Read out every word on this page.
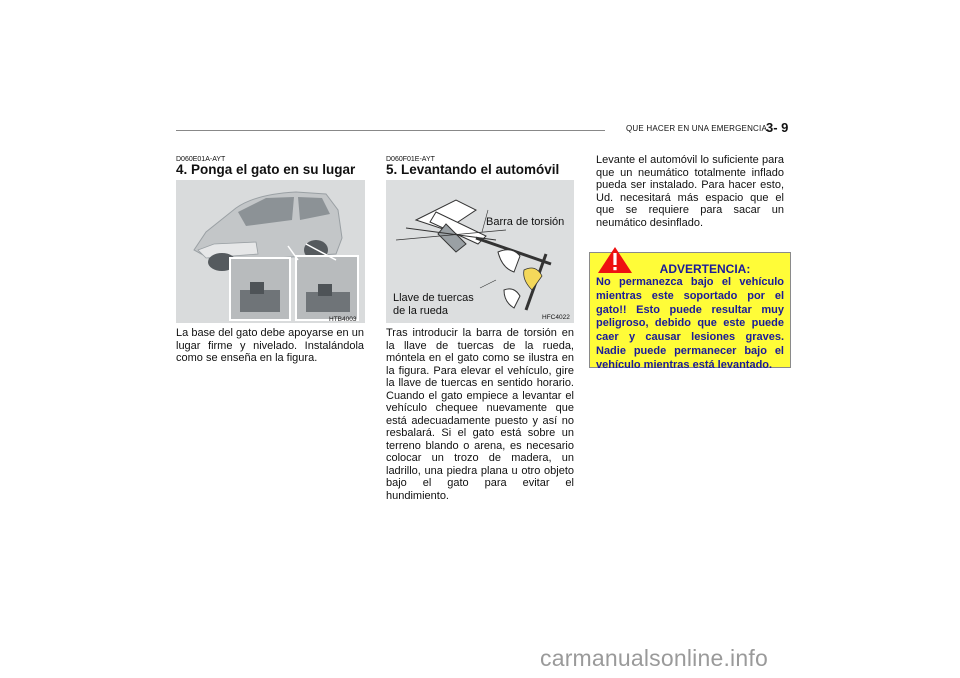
QUE HACER EN UNA EMERGENCIA 3- 9
D060E01A-AYT
4. Ponga el gato en su lugar
HTB4003

La base del gato debe apoyarse en un lugar firme y nivelado. Instalándola como se enseña en la figura.

D060F01E-AYT
5. Levantando el automóvil
Barra de torsión
Llave de tuercas
de la rueda
HFC4022

Tras introducir la barra de torsión en la llave de tuercas de la rueda, móntela en el gato como se ilustra en la figura. Para elevar el vehículo, gire la llave de tuercas en sentido horario. Cuando el gato empiece a levantar el vehículo chequee nuevamente que está adecuadamente puesto y así no resbalará. Si el gato está sobre un terreno blando o arena, es necesario colocar un trozo de madera, un ladrillo, una piedra plana u otro objeto bajo el gato para evitar el hundimiento.

Levante el automóvil lo suficiente para que un neumático totalmente inflado pueda ser instalado. Para hacer esto, Ud. necesitará más espacio que el que se requiere para sacar un neumático desinflado.

ADVERTENCIA:

No permanezca bajo el vehículo mientras este soportado por el gato!! Esto puede resultar muy peligroso, debido que este puede caer y causar lesiones graves. Nadie puede permanecer bajo el vehículo mientras está levantado.

carmanualsonline.info
